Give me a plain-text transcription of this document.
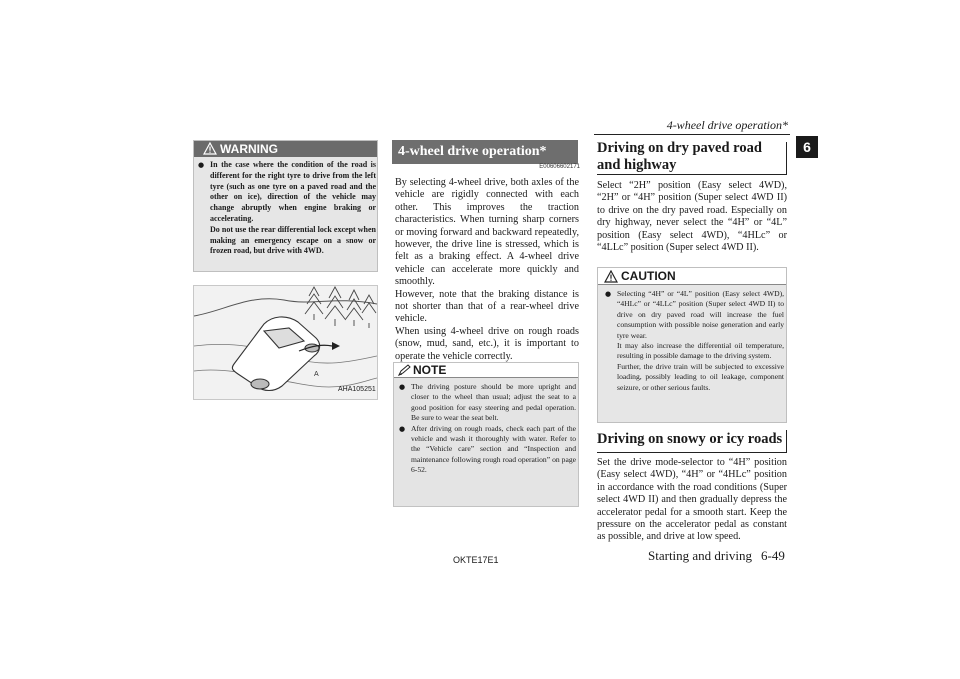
4-wheel drive operation*
6
WARNING
● In the case where the condition of the road is different for the right tyre to drive from the left tyre (such as one tyre on a paved road and the other on ice), direction of the vehicle may change abruptly when engine braking or accelerating.

Do not use the rear differential lock except when making an emergency escape on a snow or frozen road, but drive with 4WD.

A
AHA105251
4-wheel drive operation*
E00606602171

By selecting 4-wheel drive, both axles of the vehicle are rigidly connected with each other. This improves the traction characteristics. When turning sharp corners or moving forward and backward repeatedly, however, the drive line is stressed, which is felt as a braking effect. A 4-wheel drive vehicle can accelerate more quickly and smoothly.

However, note that the braking distance is not shorter than that of a rear-wheel drive vehicle.

When using 4-wheel drive on rough roads (snow, mud, sand, etc.), it is important to operate the vehicle correctly.

NOTE
● The driving posture should be more upright and closer to the wheel than usual; adjust the seat to a good position for easy steering and pedal operation. Be sure to wear the seat belt.

● After driving on rough roads, check each part of the vehicle and wash it thoroughly with water. Refer to the “Vehicle care” section and “Inspection and maintenance following rough road operation” on page 6-52.

Driving on dry paved road and highway
Select “2H” position (Easy select 4WD), “2H” or “4H” position (Super select 4WD II) to drive on the dry paved road. Especially on dry highway, never select the “4H” or “4L” position (Easy select 4WD), “4HLc” or “4LLc” position (Super select 4WD II).
CAUTION
● Selecting “4H” or “4L” position (Easy select 4WD), “4HLc” or “4LLc” position (Super select 4WD II) to drive on dry paved road will increase the fuel consumption with possible noise generation and early tyre wear.

It may also increase the differential oil temperature, resulting in possible damage to the driving system.

Further, the drive train will be subjected to excessive loading, possibly leading to oil leakage, component seizure, or other serious faults.

Driving on snowy or icy roads
Set the drive mode-selector to “4H” position (Easy select 4WD), “4H” or “4HLc” position in accordance with the road conditions (Super select 4WD II) and then gradually depress the accelerator pedal for a smooth start. Keep the pressure on the accelerator pedal as constant as possible, and drive at low speed.
OKTE17E1	Starting and driving 6-49
